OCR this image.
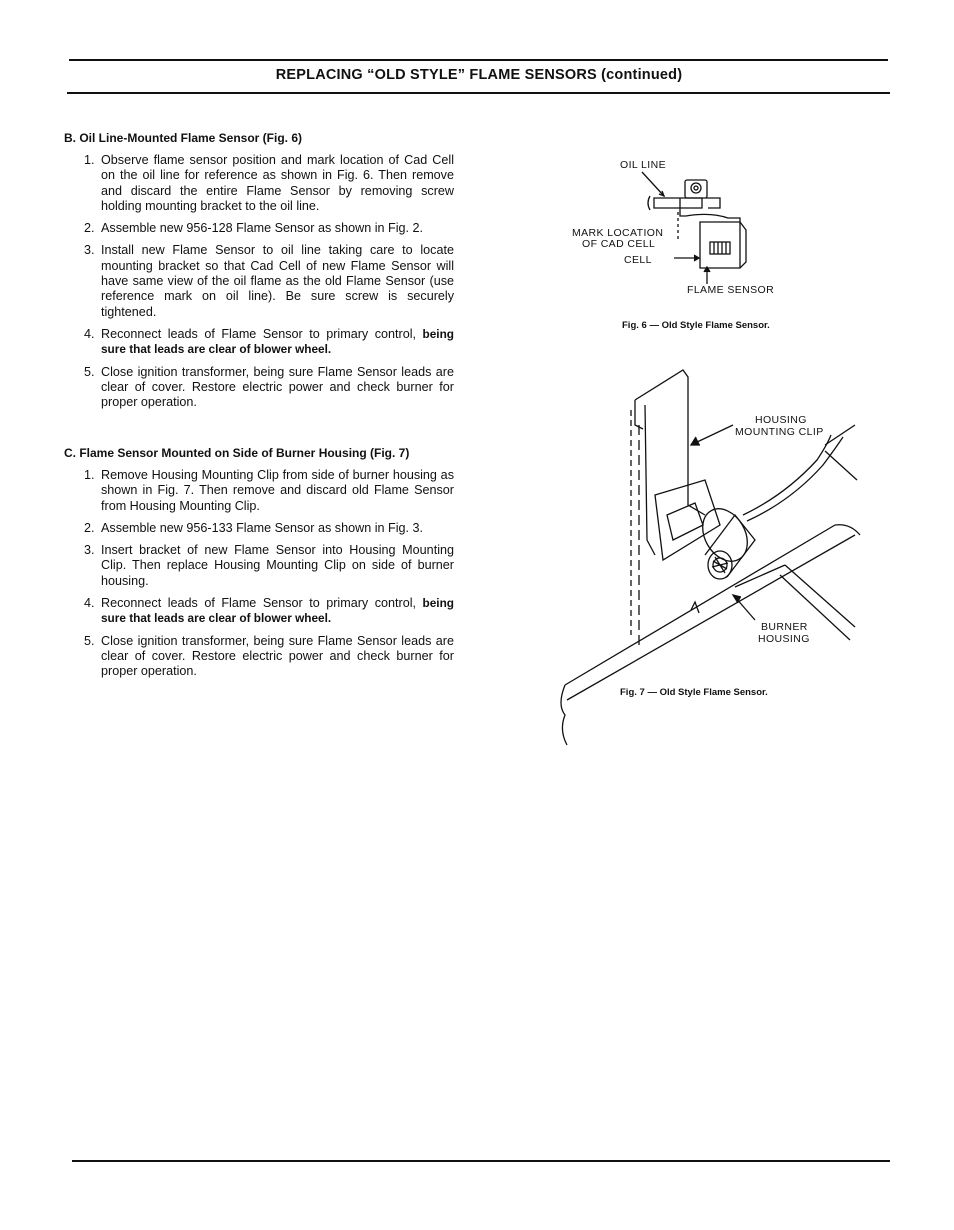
REPLACING “OLD STYLE” FLAME SENSORS (continued)
B. Oil Line-Mounted Flame Sensor (Fig. 6)
1. Observe flame sensor position and mark location of Cad Cell on the oil line for reference as shown in Fig. 6. Then remove and discard the entire Flame Sensor by removing screw holding mounting bracket to the oil line.
2. Assemble new 956-128 Flame Sensor as shown in Fig. 2.
3. Install new Flame Sensor to oil line taking care to locate mounting bracket so that Cad Cell of new Flame Sensor will have same view of the oil flame as the old Flame Sensor (use reference mark on oil line). Be sure screw is securely tightened.
4. Reconnect leads of Flame Sensor to primary control, being sure that leads are clear of blower wheel.
5. Close ignition transformer, being sure Flame Sensor leads are clear of cover. Restore electric power and check burner for proper operation.
C. Flame Sensor Mounted on Side of Burner Housing (Fig. 7)
1. Remove Housing Mounting Clip from side of burner housing as shown in Fig. 7. Then remove and discard old Flame Sensor from Housing Mounting Clip.
2. Assemble new 956-133 Flame Sensor as shown in Fig. 3.
3. Insert bracket of new Flame Sensor into Housing Mounting Clip. Then replace Housing Mounting Clip on side of burner housing.
4. Reconnect leads of Flame Sensor to primary control, being sure that leads are clear of blower wheel.
5. Close ignition transformer, being sure Flame Sensor leads are clear of cover. Restore electric power and check burner for proper operation.
OIL LINE
MARK LOCATION
OF CAD CELL
CELL
FLAME SENSOR
Fig. 6 — Old Style Flame Sensor.
HOUSING
MOUNTING CLIP
BURNER
HOUSING
Fig. 7 — Old Style Flame Sensor.
